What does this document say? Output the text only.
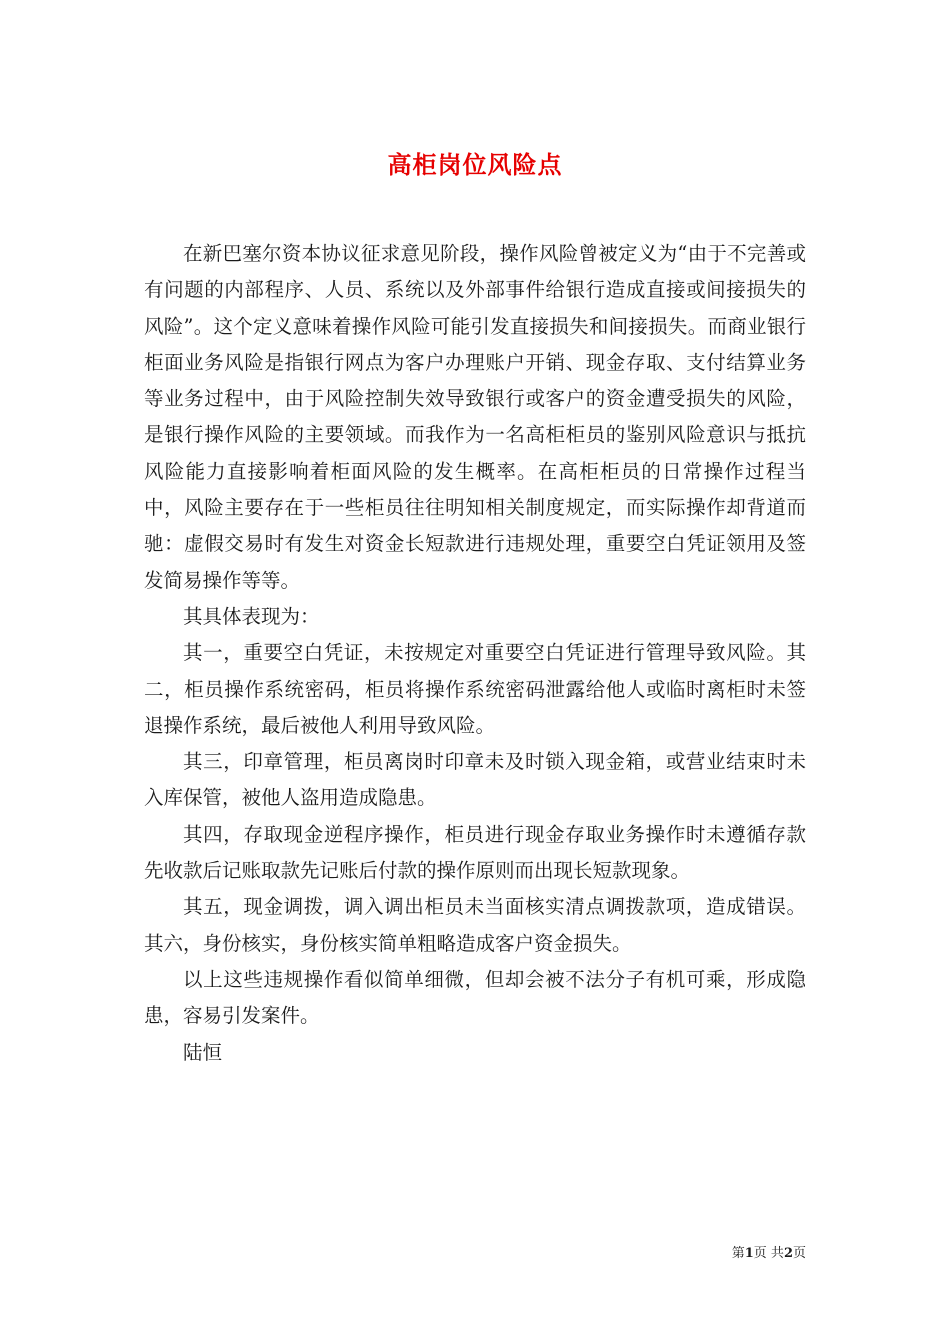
高柜岗位风险点

在新巴塞尔资本协议征求意见阶段，操作风险曾被定义为“由于不完善或有问题的内部程序、人员、系统以及外部事件给银行造成直接或间接损失的风险”。这个定义意味着操作风险可能引发直接损失和间接损失。而商业银行柜面业务风险是指银行网点为客户办理账户开销、现金存取、支付结算业务等业务过程中，由于风险控制失效导致银行或客户的资金遭受损失的风险，是银行操作风险的主要领域。而我作为一名高柜柜员的鉴别风险意识与抵抗风险能力直接影响着柜面风险的发生概率。在高柜柜员的日常操作过程当中，风险主要存在于一些柜员往往明知相关制度规定，而实际操作却背道而驰：虚假交易时有发生对资金长短款进行违规处理，重要空白凭证领用及签发简易操作等等。

其具体表现为：

其一，重要空白凭证，未按规定对重要空白凭证进行管理导致风险。其二，柜员操作系统密码，柜员将操作系统密码泄露给他人或临时离柜时未签退操作系统，最后被他人利用导致风险。

其三，印章管理，柜员离岗时印章未及时锁入现金箱，或营业结束时未入库保管，被他人盗用造成隐患。

其四，存取现金逆程序操作，柜员进行现金存取业务操作时未遵循存款先收款后记账取款先记账后付款的操作原则而出现长短款现象。

其五，现金调拨，调入调出柜员未当面核实清点调拨款项，造成错误。其六，身份核实，身份核实简单粗略造成客户资金损失。

以上这些违规操作看似简单细微，但却会被不法分子有机可乘，形成隐患，容易引发案件。

陆恒

第1页 共2页
